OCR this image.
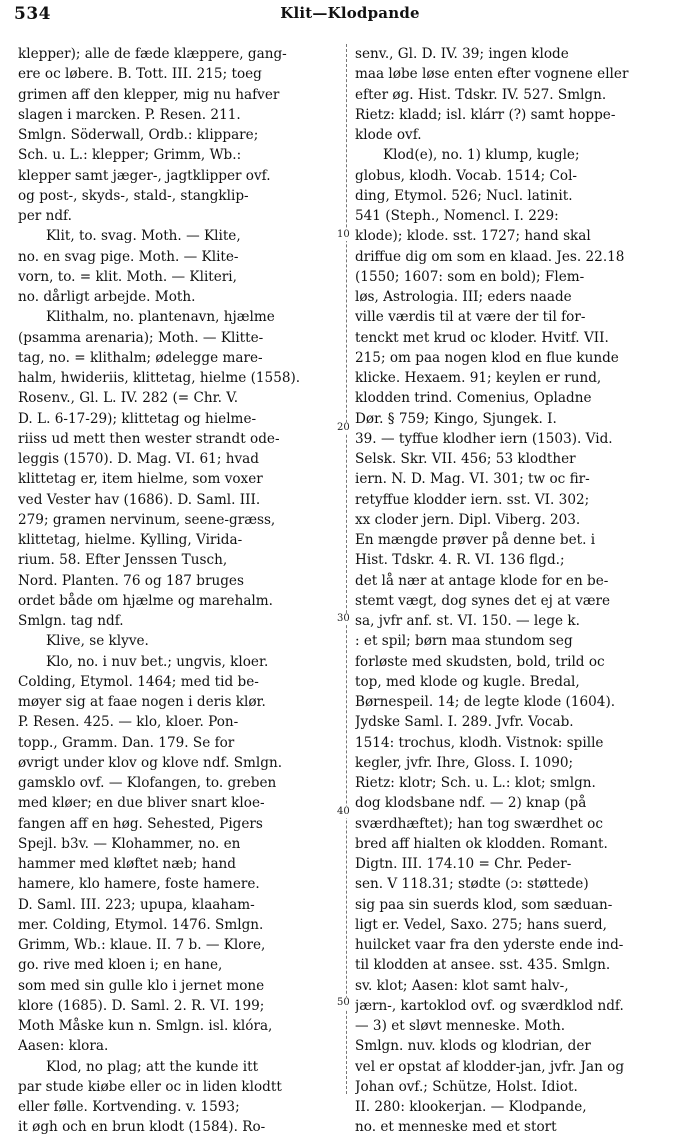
534	Klit—Klodpande
klepper); alle de fæde klæppere, gang-
ere oc løbere. B. Tott. III. 215; toeg
grimen aff den klepper, mig nu hafver
slagen i marcken. P. Resen. 211.
Smlgn. Söderwall, Ordb.: klippare;
Sch. u. L.: klepper; Grimm, Wb.:
klepper samt jæger-, jagtklipper ovf.
og post-, skyds-, stald-, stangklip-
per ndf.
Klit, to. svag. Moth. — Klite,
no. en svag pige. Moth. — Klite-
vorn, to. = klit. Moth. — Kliteri,
no. dårligt arbejde. Moth.
Klithalm, no. plantenavn, hjælme
(psamma arenaria); Moth. — Klitte-
tag, no. = klithalm; ødelegge mare-
halm, hwideriis, klittetag, hielme (1558).
Rosenv., Gl. L. IV. 282 (= Chr. V.
D. L. 6-17-29); klittetag og hielme-
riiss ud mett then wester strandt ode-
leggis (1570). D. Mag. VI. 61; hvad
klittetag er, item hielme, som voxer
ved Vester hav (1686). D. Saml. III.
279; gramen nervinum, seene-græss,
klittetag, hielme. Kylling, Virida-
rium. 58. Efter Jenssen Tusch,
Nord. Planten. 76 og 187 bruges
ordet både om hjælme og marehalm.
Smlgn. tag ndf.
Klive, se klyve.
Klo, no. i nuv bet.; ungvis, kloer.
Colding, Etymol. 1464; med tid be-
møyer sig at faae nogen i deris klør.
P. Resen. 425. — klo, kloer. Pon-
topp., Gramm. Dan. 179. Se for
øvrigt under klov og klove ndf. Smlgn.
gamsklo ovf. — Klofangen, to. greben
med kløer; en due bliver snart kloe-
fangen aff en høg. Sehested, Pigers
Spejl. b3v. — Klohammer, no. en
hammer med kløftet næb; hand
hamere, klo hamere, foste hamere.
D. Saml. III. 223; upupa, klaaham-
mer. Colding, Etymol. 1476. Smlgn.
Grimm, Wb.: klaue. II. 7 b. — Klore,
go. rive med kloen i; en hane,
som med sin gulle klo i jernet mone
klore (1685). D. Saml. 2. R. VI. 199;
Moth Måske kun n. Smlgn. isl. klóra,
Aasen: klora.
Klod, no plag; att the kunde itt
par stude kiøbe eller oc in liden klodtt
eller følle. Kortvending. v. 1593;
it øgh och en brun klodt (1584). Ro-
10
20
30
40
50
senv., Gl. D. IV. 39; ingen klode
maa løbe løse enten efter vognene eller
efter øg. Hist. Tdskr. IV. 527. Smlgn.
Rietz: kladd; isl. klárr (?) samt hoppe-
klode ovf.
Klod(e), no. 1) klump, kugle;
globus, klodh. Vocab. 1514; Col-
ding, Etymol. 526; Nucl. latinit.
541 (Steph., Nomencl. I. 229:
klode); klode. sst. 1727; hand skal
driffue dig om som en klaad. Jes. 22.18
(1550; 1607: som en bold); Flem-
løs, Astrologia. III; eders naade
ville værdis til at være der til for-
tenckt met krud oc kloder. Hvitf. VII.
215; om paa nogen klod en flue kunde
klicke. Hexaem. 91; keylen er rund,
klodden trind. Comenius, Opladne
Dør. § 759; Kingo, Sjungek. I.
39. — tyffue klodher iern (1503). Vid.
Selsk. Skr. VII. 456; 53 klodther
iern. N. D. Mag. VI. 301; tw oc fir-
retyffue klodder iern. sst. VI. 302;
xx cloder jern. Dipl. Viberg. 203.
En mængde prøver på denne bet. i
Hist. Tdskr. 4. R. VI. 136 flgd.;
det lå nær at antage klode for en be-
stemt vægt, dog synes det ej at være
sa, jvfr anf. st. VI. 150. — lege k.
: et spil; børn maa stundom seg
forløste med skudsten, bold, trild oc
top, med klode og kugle. Bredal,
Børnespeil. 14; de legte klode (1604).
Jydske Saml. I. 289. Jvfr. Vocab.
1514: trochus, klodh. Vistnok: spille
kegler, jvfr. Ihre, Gloss. I. 1090;
Rietz: klotr; Sch. u. L.: klot; smlgn.
dog klodsbane ndf. — 2) knap (på
sværdhæftet); han tog swærdhet oc
bred aff hialten ok klodden. Romant.
Digtn. III. 174.10 = Chr. Peder-
sen. V 118.31; stødte (ɔ: støttede)
sig paa sin suerds klod, som sæduan-
ligt er. Vedel, Saxo. 275; hans suerd,
huilcket vaar fra den yderste ende ind-
til klodden at ansee. sst. 435. Smlgn.
sv. klot; Aasen: klot samt halv-,
jærn-, kartoklod ovf. og sværdklod ndf.
— 3) et sløvt menneske. Moth.
Smlgn. nuv. klods og klodrian, der
vel er opstat af klodder-jan, jvfr. Jan og
Johan ovf.; Schütze, Holst. Idiot.
II. 280: klookerjan. — Klodpande,
no. et menneske med et stort
